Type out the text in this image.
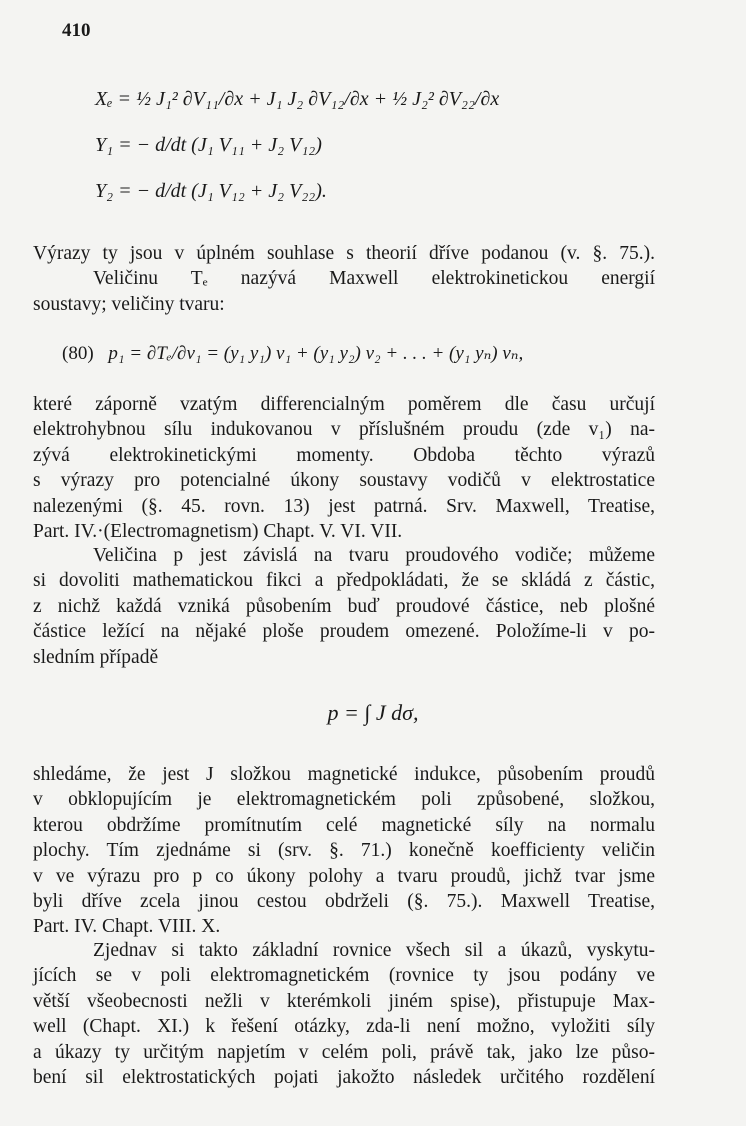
410
Xₑ = ½ J₁² ∂V₁₁/∂x + J₁ J₂ ∂V₁₂/∂x + ½ J₂² ∂V₂₂/∂x
Y₁ = − d/dt (J₁ V₁₁ + J₂ V₁₂)
Y₂ = − d/dt (J₁ V₁₂ + J₂ V₂₂).
Výrazy ty jsou v úplném souhlase s theorií dříve podanou (v. §. 75.).
Veličinu Tₑ nazývá Maxwell elektrokinetickou energií
soustavy; veličiny tvaru:
(80) p₁ = ∂Tₑ/∂v₁ = (y₁ y₁) v₁ + (y₁ y₂) v₂ + . . . + (y₁ yₙ) vₙ,
které záporně vzatým differencialným poměrem dle času určují
elektrohybnou sílu indukovanou v příslušném proudu (zde v₁) na-
zývá elektrokinetickými momenty. Obdoba těchto výrazů
s výrazy pro potencialné úkony soustavy vodičů v elektrostatice
nalezenými (§. 45. rovn. 13) jest patrná. Srv. Maxwell, Treatise,
Part. IV.·(Electromagnetism) Chapt. V. VI. VII.
Veličina p jest závislá na tvaru proudového vodiče; můžeme
si dovoliti mathematickou fikci a předpokládati, že se skládá z částic,
z nichž každá vzniká působením buď proudové částice, neb plošné
částice ležící na nějaké ploše proudem omezené. Položíme-li v po-
sledním případě
p = ∫ J dσ,
shledáme, že jest J složkou magnetické indukce, působením proudů
v obklopujícím je elektromagnetickém poli způsobené, složkou,
kterou obdržíme promítnutím celé magnetické síly na normalu
plochy. Tím zjednáme si (srv. §. 71.) konečně koefficienty veličin
v ve výrazu pro p co úkony polohy a tvaru proudů, jichž tvar jsme
byli dříve zcela jinou cestou obdrželi (§. 75.). Maxwell Treatise,
Part. IV. Chapt. VIII. X.
Zjednav si takto základní rovnice všech sil a úkazů, vyskytu-
jících se v poli elektromagnetickém (rovnice ty jsou podány ve
větší všeobecnosti nežli v kterémkoli jiném spise), přistupuje Max-
well (Chapt. XI.) k řešení otázky, zda-li není možno, vyložiti síly
a úkazy ty určitým napjetím v celém poli, právě tak, jako lze půso-
bení sil elektrostatických pojati jakožto následek určitého rozdělení
